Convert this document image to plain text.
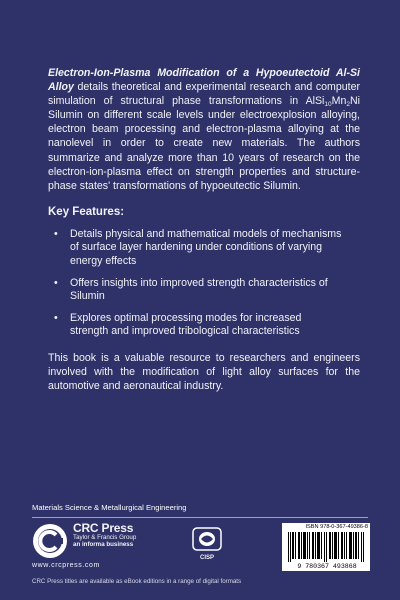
Electron-Ion-Plasma Modification of a Hypoeutectoid Al-Si Alloy details theoretical and experimental research and computer simulation of structural phase transformations in $AlSi_{10}Mn_2Ni$ Silumin on different scale levels under electroexplosion alloying, electron beam processing and electron-plasma alloying at the nanolevel in order to create new materials. The authors summarize and analyze more than 10 years of research on the electron-ion-plasma effect on strength properties and structure-phase states' transformations of hypoeutectic Silumin.

Key Features:
• Details physical and mathematical models of mechanisms of surface layer hardening under conditions of varying energy effects
• Offers insights into improved strength characteristics of Silumin
• Explores optimal processing modes for increased strength and improved tribological characteristics

This book is a valuable resource to researchers and engineers involved with the modification of light alloy surfaces for the automotive and aeronautical industry.

Materials Science & Metallurgical Engineering
CRC Press
Taylor & Francis Group
an informa business
www.crcpress.com
CISP
ISBN 978-0-367-49386-8
9 780367 493868
CRC Press titles are available as eBook editions in a range of digital formats
